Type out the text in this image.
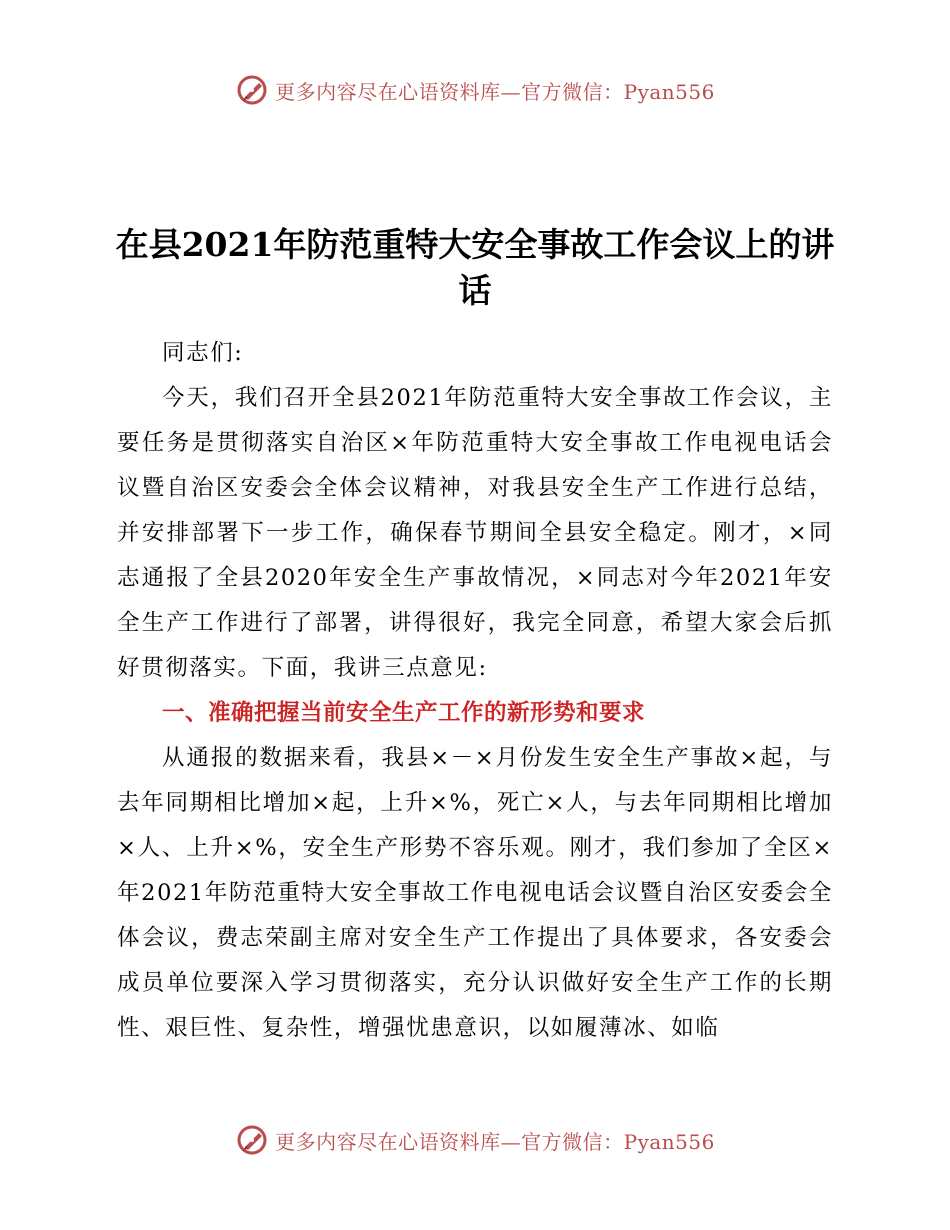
更多内容尽在心语资料库—官方微信：Pyan556
在县2021年防范重特大安全事故工作会议上的讲话

同志们:

今天，我们召开全县2021年防范重特大安全事故工作会议，主要任务是贯彻落实自治区×年防范重特大安全事故工作电视电话会议暨自治区安委会全体会议精神，对我县安全生产工作进行总结，并安排部署下一步工作，确保春节期间全县安全稳定。刚才，×同志通报了全县2020年安全生产事故情况，×同志对今年2021年安全生产工作进行了部署，讲得很好，我完全同意，希望大家会后抓好贯彻落实。下面，我讲三点意见:

一、准确把握当前安全生产工作的新形势和要求

从通报的数据来看，我县×－×月份发生安全生产事故×起，与去年同期相比增加×起，上升×%，死亡×人，与去年同期相比增加×人、上升×%，安全生产形势不容乐观。刚才，我们参加了全区×年2021年防范重特大安全事故工作电视电话会议暨自治区安委会全体会议，费志荣副主席对安全生产工作提出了具体要求，各安委会成员单位要深入学习贯彻落实，充分认识做好安全生产工作的长期性、艰巨性、复杂性，增强忧患意识，以如履薄冰、如临

更多内容尽在心语资料库—官方微信：Pyan556
